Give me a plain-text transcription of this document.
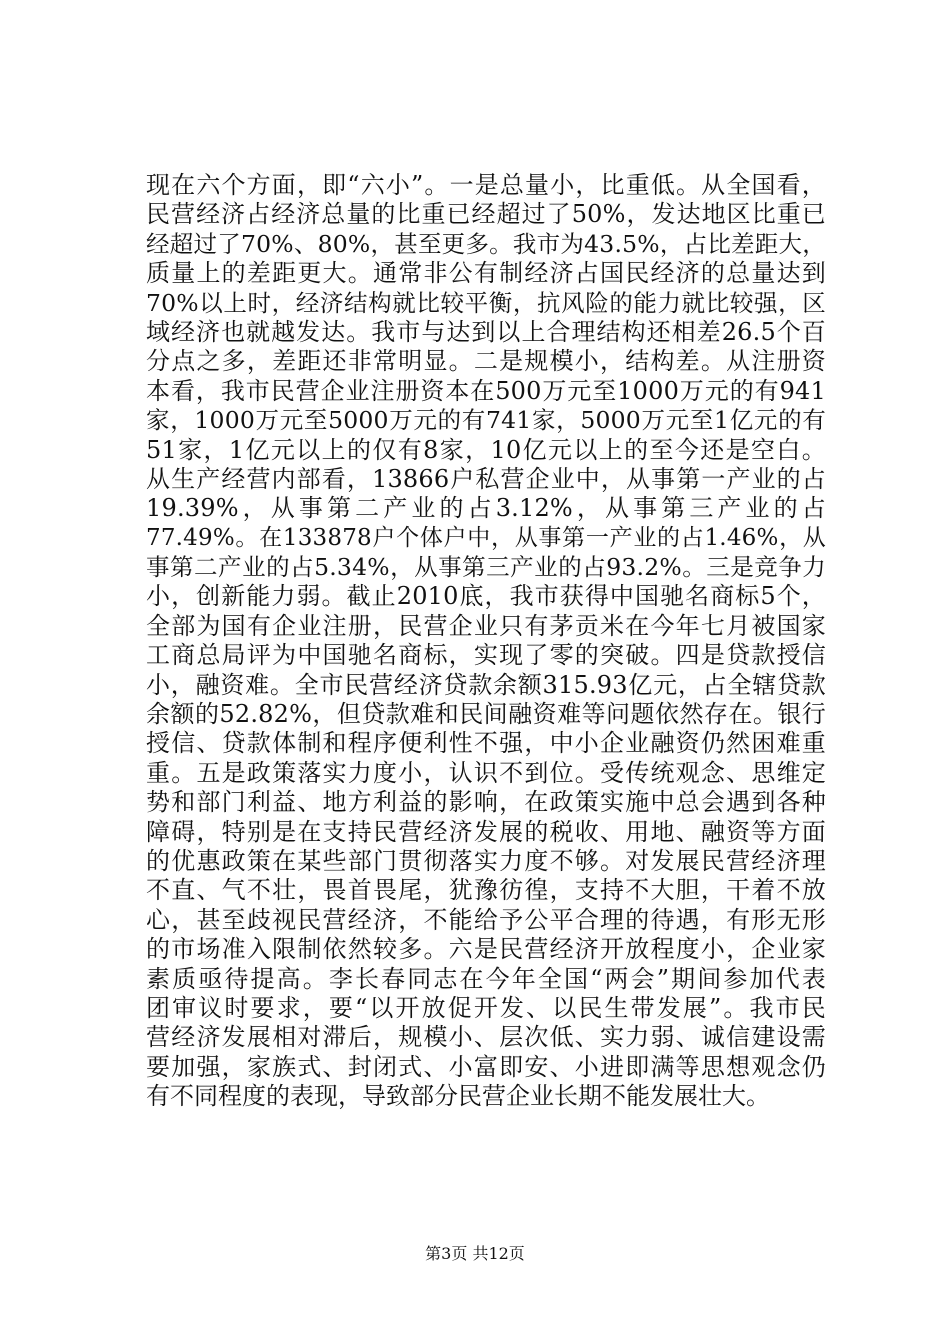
现在六个方面，即“六小”。一是总量小，比重低。从全国看，
民营经济占经济总量的比重已经超过了50%，发达地区比重已
经超过了70%、80%，甚至更多。我市为43.5%，占比差距大，
质量上的差距更大。通常非公有制经济占国民经济的总量达到
70%以上时，经济结构就比较平衡，抗风险的能力就比较强，区
域经济也就越发达。我市与达到以上合理结构还相差26.5个百
分点之多，差距还非常明显。二是规模小，结构差。从注册资
本看，我市民营企业注册资本在500万元至1000万元的有941
家，1000万元至5000万元的有741家，5000万元至1亿元的有
51家，1亿元以上的仅有8家，10亿元以上的至今还是空白。
从生产经营内部看，13866户私营企业中，从事第一产业的占
19.39%，从事第二产业的占3.12%，从事第三产业的占
77.49%。在133878户个体户中，从事第一产业的占1.46%，从
事第二产业的占5.34%，从事第三产业的占93.2%。三是竞争力
小，创新能力弱。截止2010底，我市获得中国驰名商标5个，
全部为国有企业注册，民营企业只有茅贡米在今年七月被国家
工商总局评为中国驰名商标，实现了零的突破。四是贷款授信
小，融资难。全市民营经济贷款余额315.93亿元，占全辖贷款
余额的52.82%，但贷款难和民间融资难等问题依然存在。银行
授信、贷款体制和程序便利性不强，中小企业融资仍然困难重
重。五是政策落实力度小，认识不到位。受传统观念、思维定
势和部门利益、地方利益的影响，在政策实施中总会遇到各种
障碍，特别是在支持民营经济发展的税收、用地、融资等方面
的优惠政策在某些部门贯彻落实力度不够。对发展民营经济理
不直、气不壮，畏首畏尾，犹豫彷徨，支持不大胆，干着不放
心，甚至歧视民营经济，不能给予公平合理的待遇，有形无形
的市场准入限制依然较多。六是民营经济开放程度小，企业家
素质亟待提高。李长春同志在今年全国“两会”期间参加代表
团审议时要求，要“以开放促开发、以民生带发展”。我市民
营经济发展相对滞后，规模小、层次低、实力弱、诚信建设需
要加强，家族式、封闭式、小富即安、小进即满等思想观念仍
有不同程度的表现，导致部分民营企业长期不能发展壮大。
第3页 共12页
